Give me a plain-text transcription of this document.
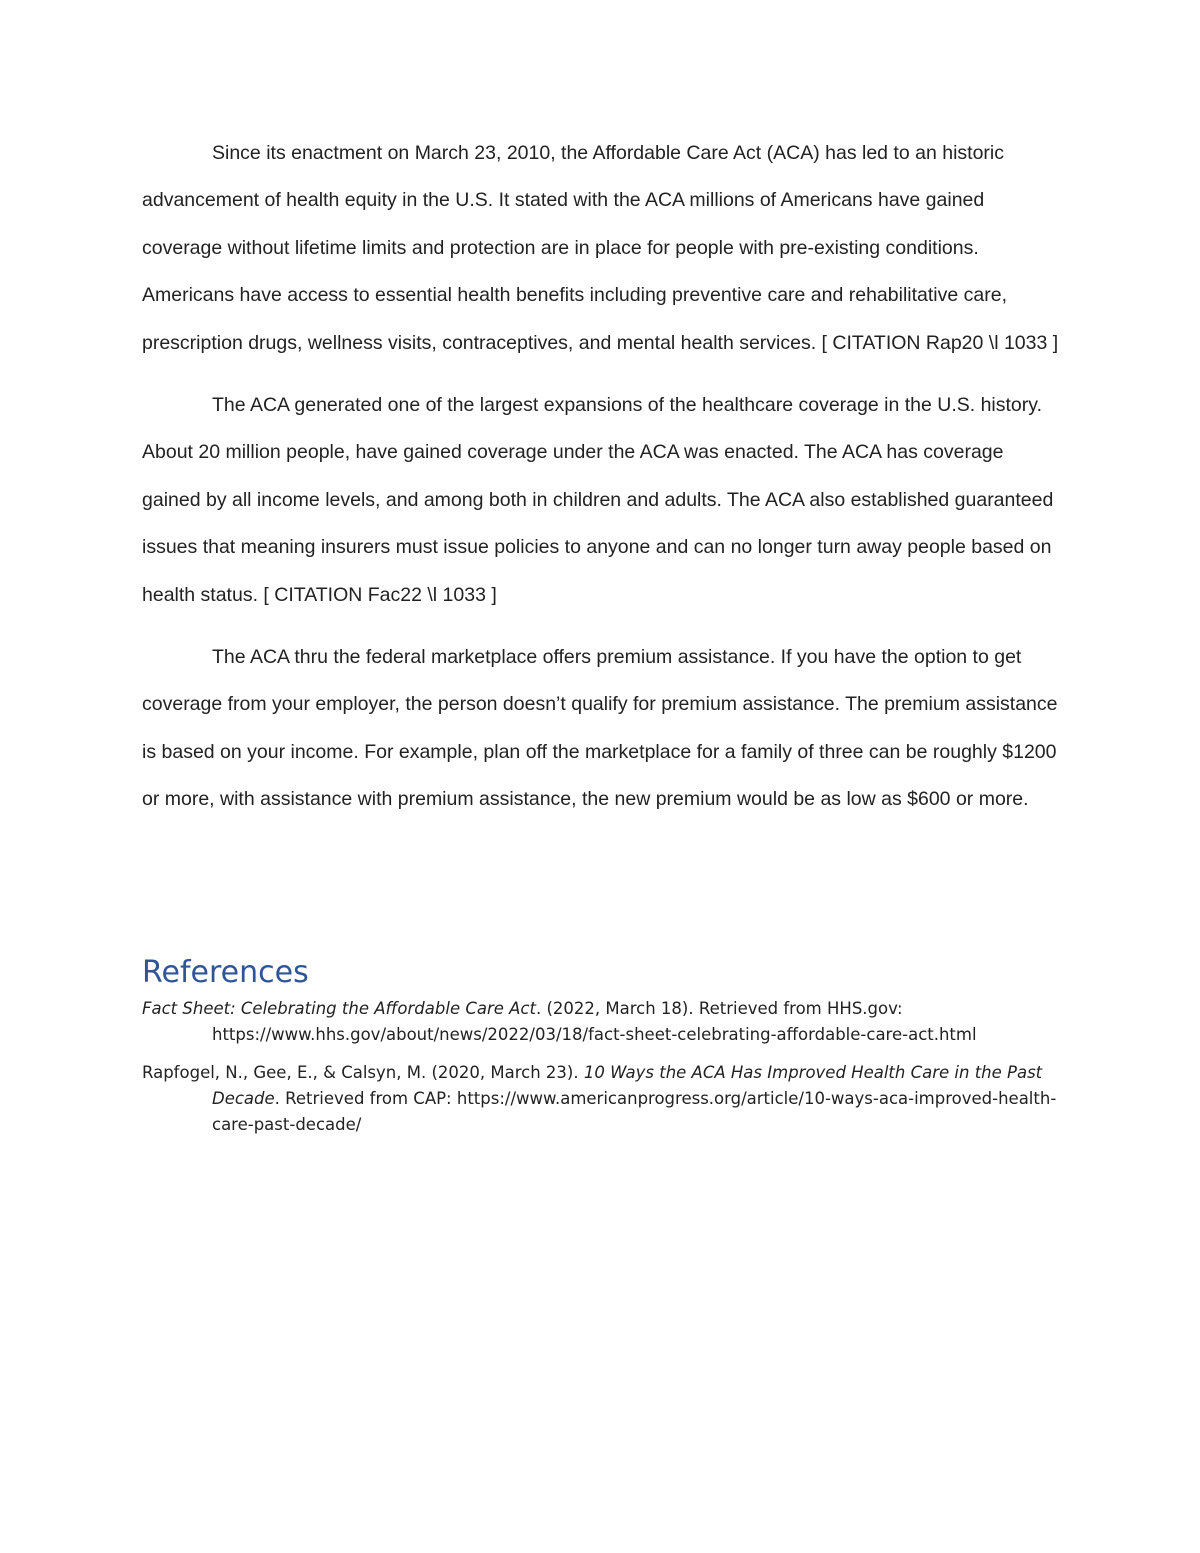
Since its enactment on March 23, 2010, the Affordable Care Act (ACA) has led to an historic advancement of health equity in the U.S. It stated with the ACA millions of Americans have gained coverage without lifetime limits and protection are in place for people with pre-existing conditions. Americans have access to essential health benefits including preventive care and rehabilitative care, prescription drugs, wellness visits, contraceptives, and mental health services. [ CITATION Rap20 \l 1033 ]

The ACA generated one of the largest expansions of the healthcare coverage in the U.S. history. About 20 million people, have gained coverage under the ACA was enacted. The ACA has coverage gained by all income levels, and among both in children and adults. The ACA also established guaranteed issues that meaning insurers must issue policies to anyone and can no longer turn away people based on health status. [ CITATION Fac22 \l 1033 ]

The ACA thru the federal marketplace offers premium assistance. If you have the option to get coverage from your employer, the person doesn’t qualify for premium assistance. The premium assistance is based on your income. For example, plan off the marketplace for a family of three can be roughly $1200 or more, with assistance with premium assistance, the new premium would be as low as $600 or more.

References

Fact Sheet: Celebrating the Affordable Care Act. (2022, March 18). Retrieved from HHS.gov: https://www.hhs.gov/about/news/2022/03/18/fact-sheet-celebrating-affordable-care-act.html

Rapfogel, N., Gee, E., & Calsyn, M. (2020, March 23). 10 Ways the ACA Has Improved Health Care in the Past Decade. Retrieved from CAP: https://www.americanprogress.org/article/10-ways-aca-improved-health-care-past-decade/
